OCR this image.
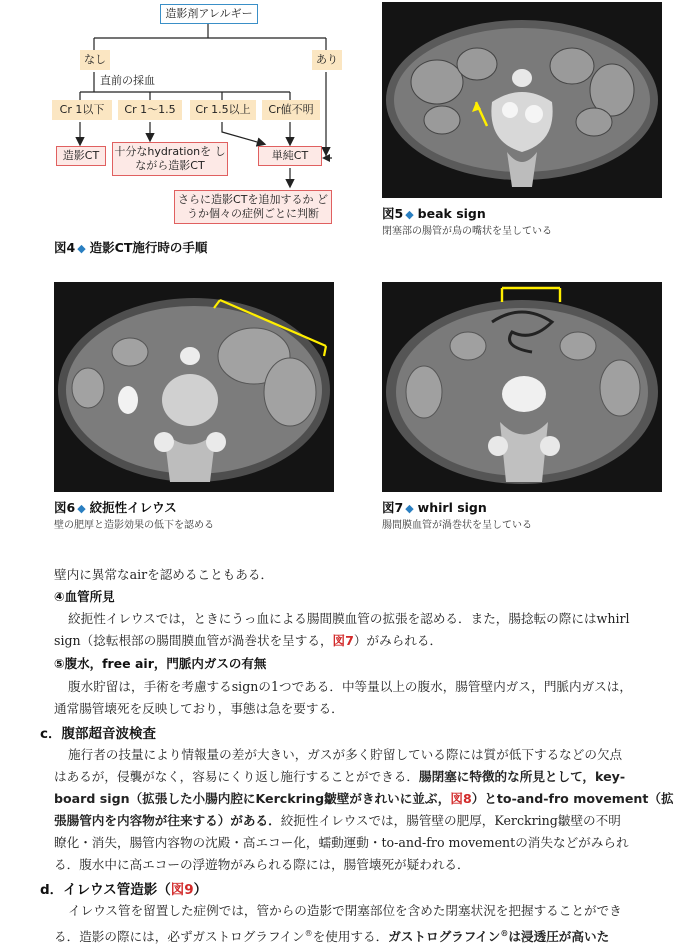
造影剤アレルギー
なし	あり
直前の採血
Cr 1以下	Cr 1〜1.5	Cr 1.5以上	Cr値不明
造影CT	十分なhydrationを しながら造影CT
単純CT
さらに造影CTを追加するか どうか個々の症例ごとに判断
図4 ◆ 造影CT施行時の手順
図5 ◆ beak sign
閉塞部の腸管が鳥の嘴状を呈している
図6 ◆ 絞扼性イレウス
壁の肥厚と造影効果の低下を認める
図7 ◆ whirl sign
腸間膜血管が渦巻状を呈している
壁内に異常なairを認めることもある．
④血管所見
絞扼性イレウスでは，ときにうっ血による腸間膜血管の拡張を認める．また，腸捻転の際にはwhirl
sign（捻転根部の腸間膜血管が渦巻状を呈する，図7）がみられる．
⑤腹水，free air，門脈内ガスの有無
腹水貯留は，手術を考慮するsignの1つである．中等量以上の腹水，腸管壁内ガス，門脈内ガスは，
通常腸管壊死を反映しており，事態は急を要する．
c．腹部超音波検査
施行者の技量により情報量の差が大きい，ガスが多く貯留している際には質が低下するなどの欠点
はあるが，侵襲がなく，容易にくり返し施行することができる．腸閉塞に特徴的な所見として，key-
board sign（拡張した小腸内腔にKerckring皺壁がきれいに並ぶ，図8）とto-and-fro movement（拡
張腸管内を内容物が往来する）がある．絞扼性イレウスでは，腸管壁の肥厚，Kerckring皺壁の不明
瞭化・消失，腸管内容物の沈殿・高エコー化，蠕動運動・to-and-fro movementの消失などがみられ
る．腹水中に高エコーの浮遊物がみられる際には，腸管壊死が疑われる．
d．イレウス管造影（図9）
イレウス管を留置した症例では，管からの造影で閉塞部位を含めた閉塞状況を把握することができ
る．造影の際には，必ずガストログラフイン®を使用する．ガストログラフイン®は浸透圧が高いた
